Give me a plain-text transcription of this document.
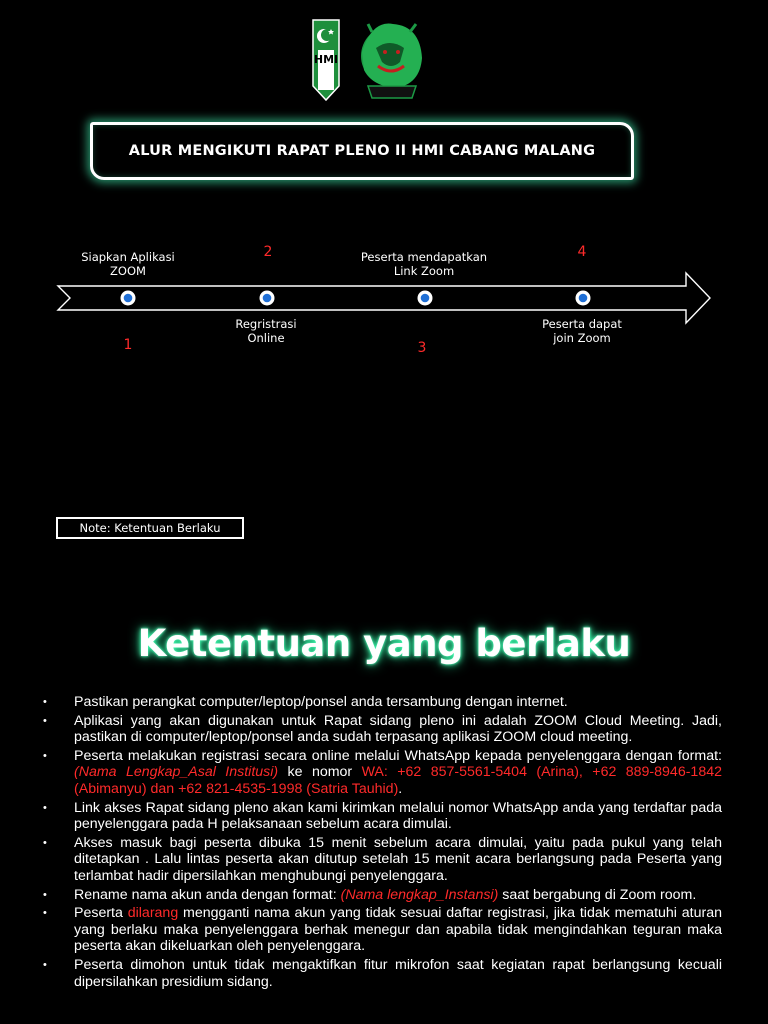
HMI
ALUR MENGIKUTI RAPAT PLENO II HMI CABANG MALANG
Siapkan Aplikasi
ZOOM
1
Regristrasi
Online
2	Peserta mendapatkan
Link Zoom
3
Peserta dapat
join Zoom
4
Note: Ketentuan Berlaku
Ketentuan yang berlaku
• Pastikan perangkat computer/leptop/ponsel anda tersambung dengan internet.
• Aplikasi yang akan digunakan untuk Rapat sidang pleno ini adalah ZOOM Cloud Meeting. Jadi, pastikan di computer/leptop/ponsel anda sudah terpasang aplikasi ZOOM cloud meeting.
• Peserta melakukan registrasi secara online melalui WhatsApp kepada penyelenggara dengan format: (Nama Lengkap_Asal Institusi) ke nomor WA: +62 857-5561-5404 (Arina), +62 889-8946-1842 (Abimanyu) dan +62 821-4535-1998 (Satria Tauhid).
• Link akses Rapat sidang pleno akan kami kirimkan melalui nomor WhatsApp anda yang terdaftar pada penyelenggara pada H pelaksanaan sebelum acara dimulai.
• Akses masuk bagi peserta dibuka 15 menit sebelum acara dimulai, yaitu pada pukul yang telah ditetapkan . Lalu lintas peserta akan ditutup setelah 15 menit acara berlangsung pada Peserta yang terlambat hadir dipersilahkan menghubungi penyelenggara.
• Rename nama akun anda dengan format: (Nama lengkap_Instansi) saat bergabung di Zoom room.
• Peserta dilarang mengganti nama akun yang tidak sesuai daftar registrasi, jika tidak mematuhi aturan yang berlaku maka penyelenggara berhak menegur dan apabila tidak mengindahkan teguran maka peserta akan dikeluarkan oleh penyelenggara.
• Peserta dimohon untuk tidak mengaktifkan fitur mikrofon saat kegiatan rapat berlangsung kecuali dipersilahkan presidium sidang.
